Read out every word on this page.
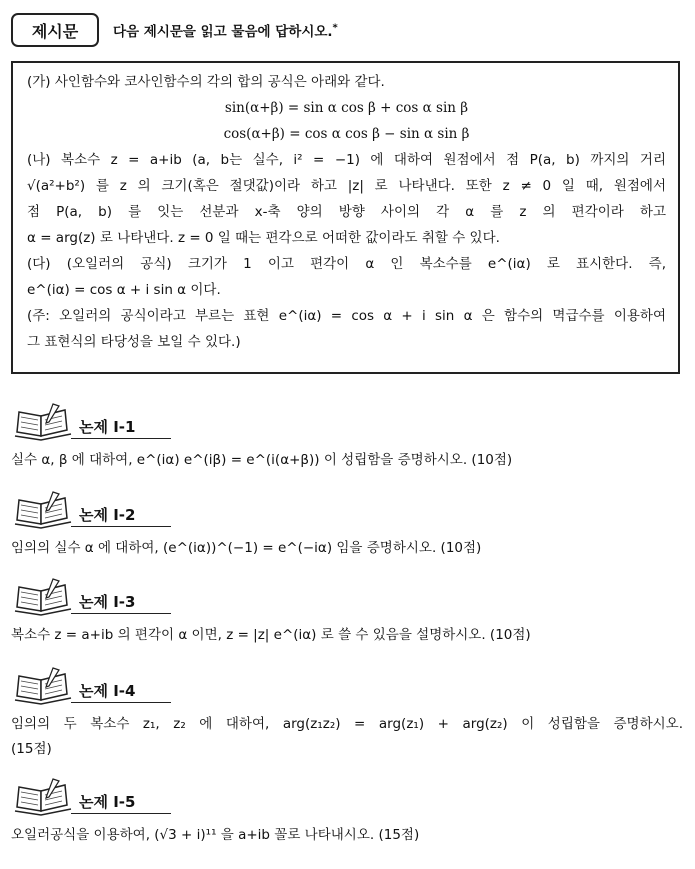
제시문	다음 제시문을 읽고 물음에 답하시오.*

(가) 사인함수와 코사인함수의 각의 합의 공식은 아래와 같다.

sin(α+β) = sin α cos β + cos α sin β

cos(α+β) = cos α cos β − sin α sin β

(나) 복소수 z = a+ib (a, b는 실수, i² = −1) 에 대하여 원점에서 점 P(a, b) 까지의 거리

√(a²+b²) 를 z 의 크기(혹은 절댓값)이라 하고 |z| 로 나타낸다. 또한 z ≠ 0 일 때, 원점에서

점 P(a, b) 를 잇는 선분과 x-축 양의 방향 사이의 각 α 를 z 의 편각이라 하고

α = arg(z) 로 나타낸다. z = 0 일 때는 편각으로 어떠한 값이라도 취할 수 있다.

(다) (오일러의 공식) 크기가 1 이고 편각이 α 인 복소수를 e^(iα) 로 표시한다. 즉,

e^(iα) = cos α + i sin α 이다.

(주: 오일러의 공식이라고 부르는 표현 e^(iα) = cos α + i sin α 은 함수의 멱급수를 이용하여

그 표현식의 타당성을 보일 수 있다.)

논제 I-1
실수 α, β 에 대하여, e^(iα) e^(iβ) = e^(i(α+β)) 이 성립함을 증명하시오. (10점)
논제 I-2
임의의 실수 α 에 대하여, (e^(iα))^(−1) = e^(−iα) 임을 증명하시오. (10점)
논제 I-3
복소수 z = a+ib 의 편각이 α 이면, z = |z| e^(iα) 로 쓸 수 있음을 설명하시오. (10점)
논제 I-4
임의의 두 복소수 z₁, z₂ 에 대하여, arg(z₁z₂) = arg(z₁) + arg(z₂) 이 성립함을 증명하시오.
(15점)
논제 I-5
오일러공식을 이용하여, (√3 + i)¹¹ 을 a+ib 꼴로 나타내시오. (15점)
